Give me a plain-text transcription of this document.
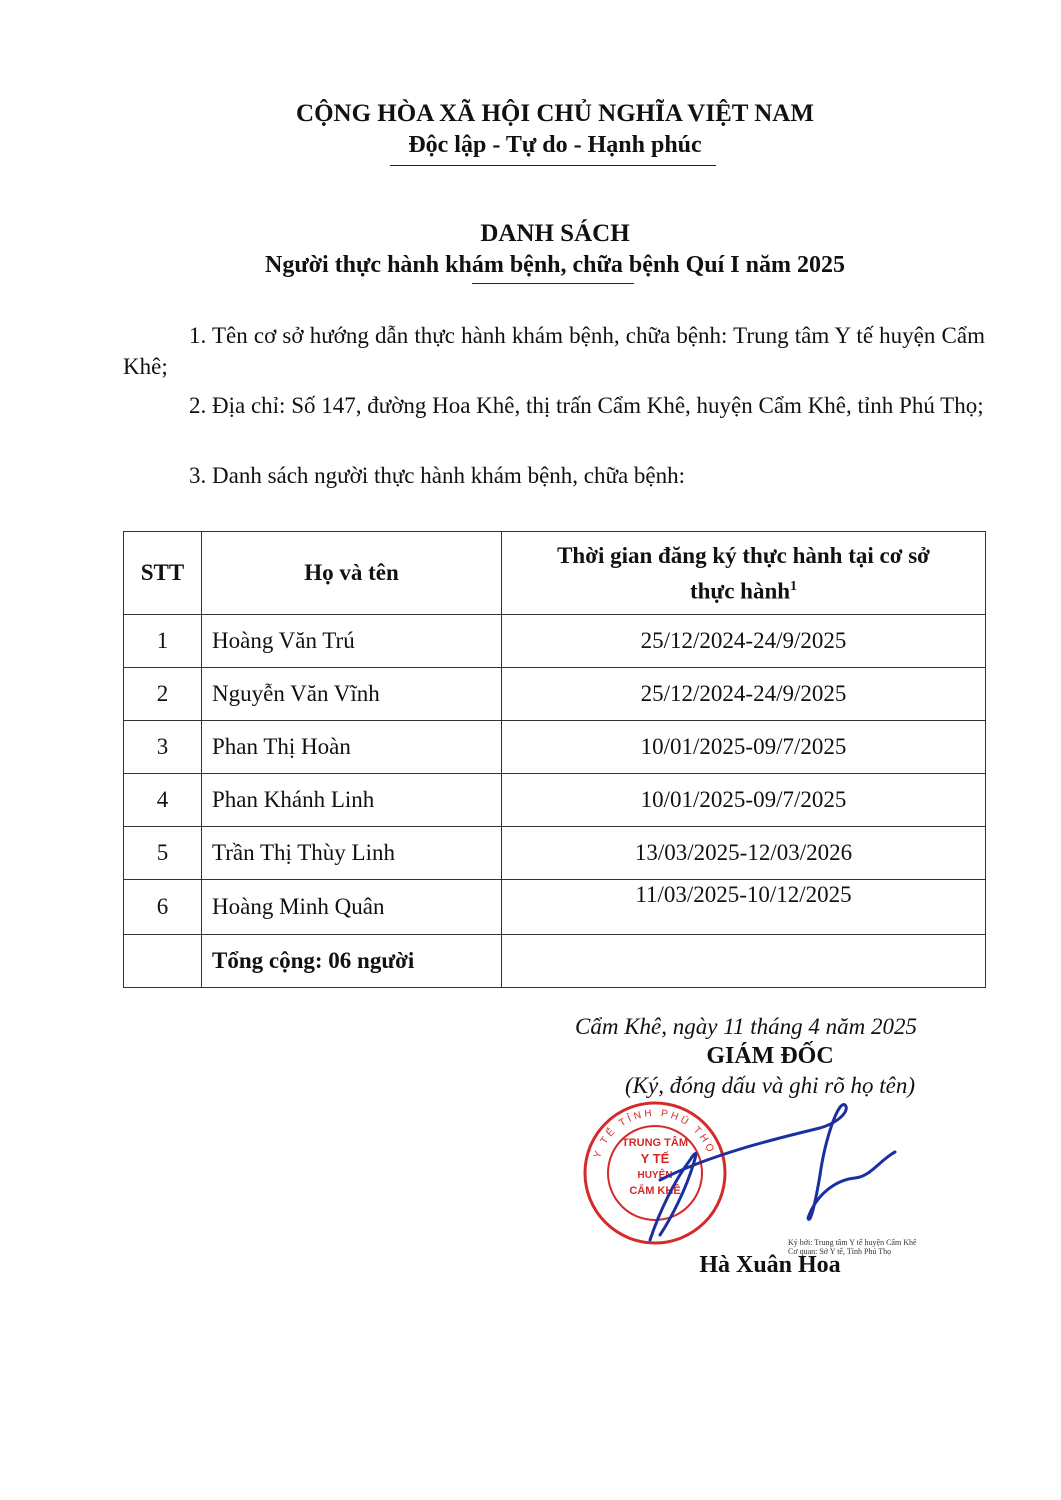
CỘNG HÒA XÃ HỘI CHỦ NGHĨA VIỆT NAM
Độc lập - Tự do - Hạnh phúc
DANH SÁCH
Người thực hành khám bệnh, chữa bệnh Quí I năm 2025
1. Tên cơ sở hướng dẫn thực hành khám bệnh, chữa bệnh: Trung tâm Y tế huyện Cẩm Khê;
2. Địa chỉ: Số 147, đường Hoa Khê, thị trấn Cẩm Khê, huyện Cẩm Khê, tỉnh Phú Thọ;
3. Danh sách người thực hành khám bệnh, chữa bệnh:
STT	Họ và tên	Thời gian đăng ký thực hành tại cơ sở
thực hành$^1$

1	Hoàng Văn Trú	25/12/2024-24/9/2025
2	Nguyễn Văn Vĩnh	25/12/2024-24/9/2025
3	Phan Thị Hoàn	10/01/2025-09/7/2025
4	Phan Khánh Linh	10/01/2025-09/7/2025
5	Trần Thị Thùy Linh	13/03/2025-12/03/2026
6	Hoàng Minh Quân	11/03/2025-10/12/2025
	Tổng cộng: 06 người	
Cẩm Khê, ngày 11 tháng 4 năm 2025
GIÁM ĐỐC
(Ký, đóng dấu và ghi rõ họ tên)
TRUNG TÂM
Y TẾ
HUYỆN
CẨM KHÊ
Y TẾ TỈNH PHÚ THỌ
Ký bởi: Trung tâm Y tế huyện Cẩm Khê
Cơ quan: Sở Y tế, Tỉnh Phú Thọ
Hà Xuân Hoa
